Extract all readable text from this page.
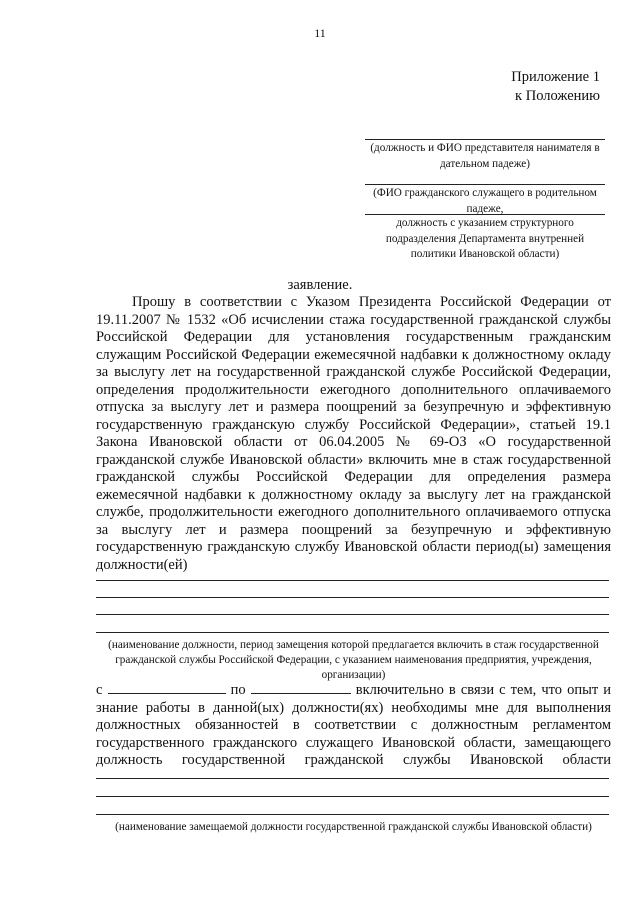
11
Приложение 1
к Положению
(должность и ФИО представителя нанимателя в дательном падеже)
(ФИО гражданского служащего в родительном падеже,
должность с указанием структурного подразделения Департамента внутренней политики Ивановской области)
заявление.

Прошу в соответствии с Указом Президента Российской Федерации от 19.11.2007 № 1532 «Об исчислении стажа государственной гражданской службы Российской Федерации для установления государственным гражданским служащим Российской Федерации ежемесячной надбавки к должностному окладу за выслугу лет на государственной гражданской службе Российской Федерации, определения продолжительности ежегодного дополнительного оплачиваемого отпуска за выслугу лет и размера поощрений за безупречную и эффективную государственную гражданскую службу Российской Федерации», статьей 19.1 Закона Ивановской области от 06.04.2005 № 69-ОЗ «О государственной гражданской службе Ивановской области» включить мне в стаж государственной гражданской службы Российской Федерации для определения размера ежемесячной надбавки к должностному окладу за выслугу лет на гражданской службе, продолжительности ежегодного дополнительного оплачиваемого отпуска за выслугу лет и размера поощрений за безупречную и эффективную государственную гражданскую службу Ивановской области период(ы) замещения должности(ей)

(наименование должности, период замещения которой предлагается включить в стаж государственной гражданской службы Российской Федерации, с указанием наименования предприятия, учреждения, организации)
с	по	включительно в связи с тем, что опыт и знание работы в данной(ых) должности(ях) необходимы мне для выполнения должностных обязанностей в соответствии с должностным регламентом государственного гражданского служащего Ивановской области, замещающего должность государственной гражданской службы Ивановской области
(наименование замещаемой должности государственной гражданской службы Ивановской области)
